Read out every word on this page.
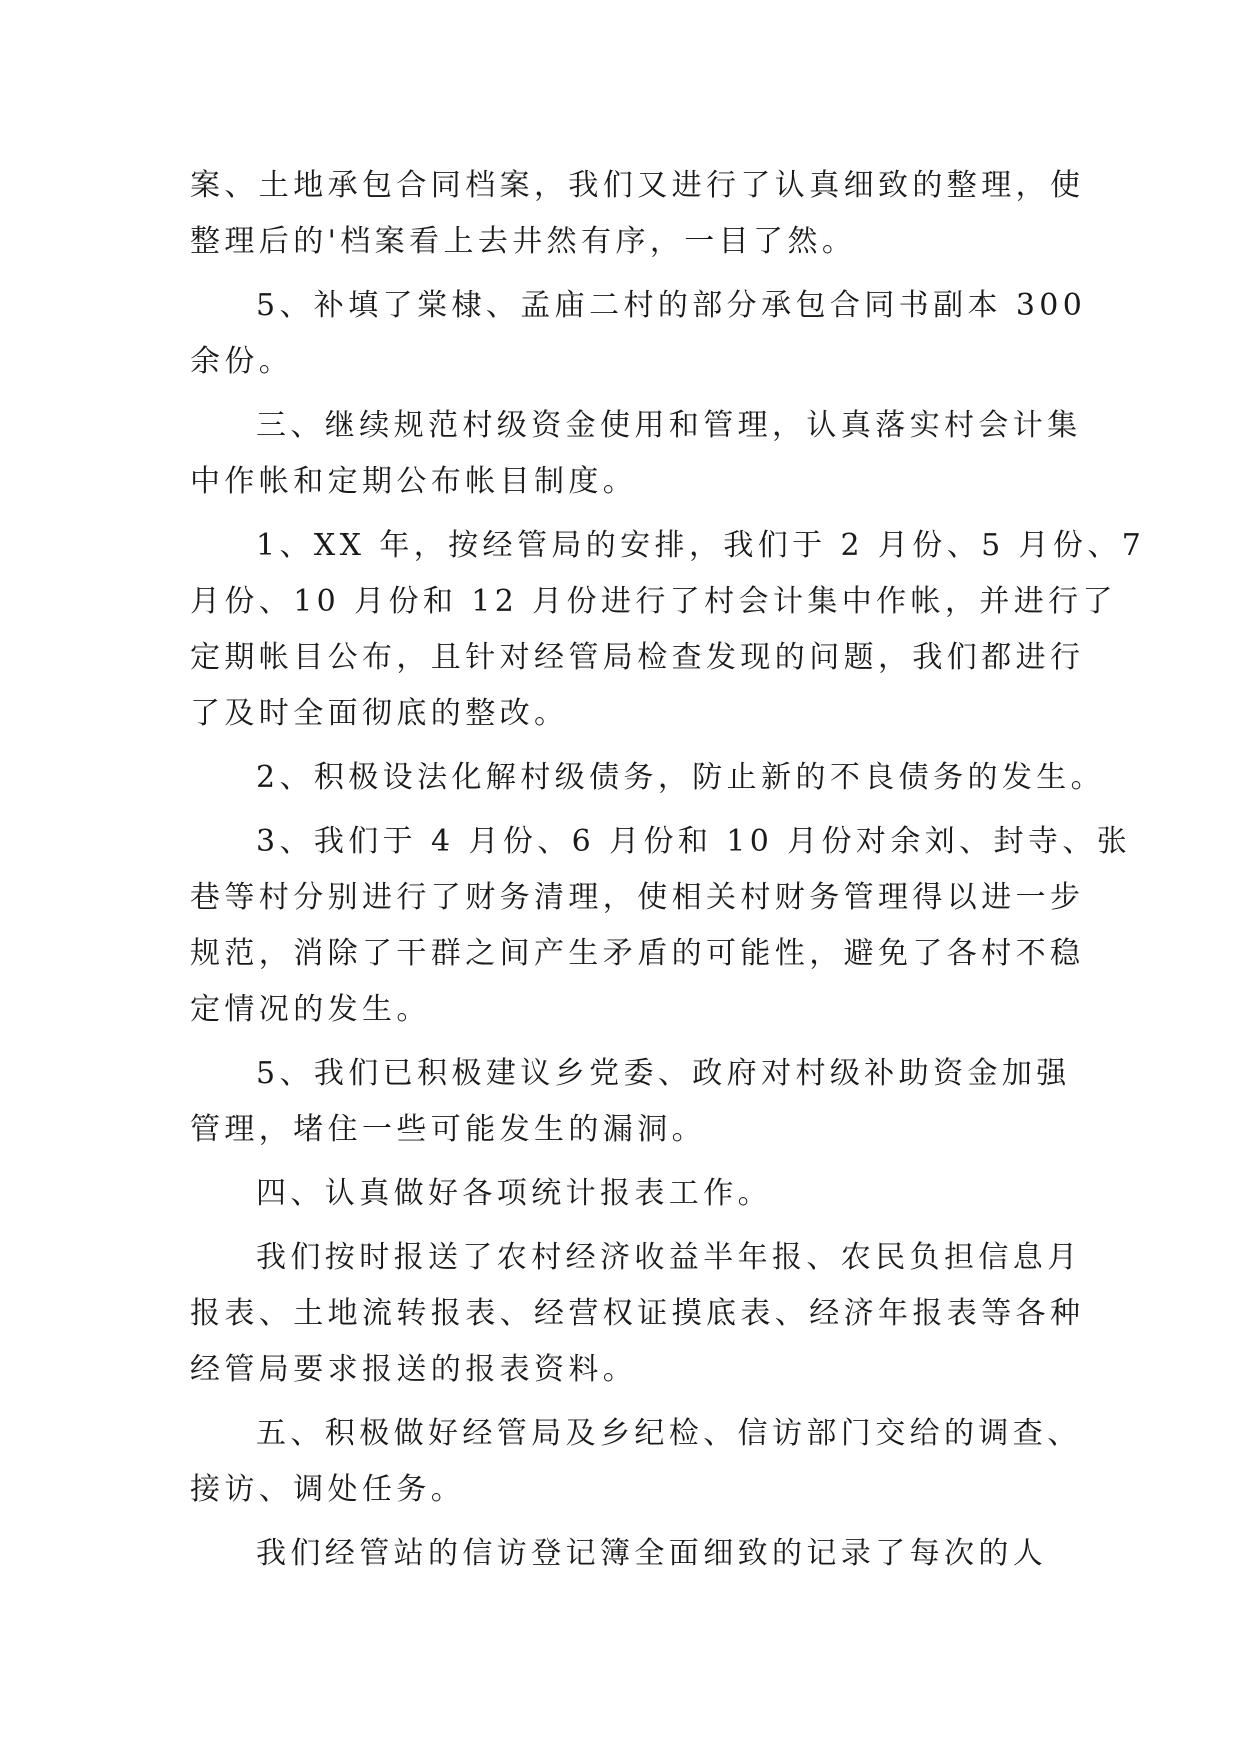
案、土地承包合同档案，我们又进行了认真细致的整理，使

整理后的'档案看上去井然有序，一目了然。

5、补填了棠棣、孟庙二村的部分承包合同书副本 300

余份。

三、继续规范村级资金使用和管理，认真落实村会计集

中作帐和定期公布帐目制度。

1、XX 年，按经管局的安排，我们于 2 月份、5 月份、7

月份、10 月份和 12 月份进行了村会计集中作帐，并进行了

定期帐目公布，且针对经管局检查发现的问题，我们都进行

了及时全面彻底的整改。

2、积极设法化解村级债务，防止新的不良债务的发生。

3、我们于 4 月份、6 月份和 10 月份对余刘、封寺、张

巷等村分别进行了财务清理，使相关村财务管理得以进一步

规范，消除了干群之间产生矛盾的可能性，避免了各村不稳

定情况的发生。

5、我们已积极建议乡党委、政府对村级补助资金加强

管理，堵住一些可能发生的漏洞。

四、认真做好各项统计报表工作。

我们按时报送了农村经济收益半年报、农民负担信息月

报表、土地流转报表、经营权证摸底表、经济年报表等各种

经管局要求报送的报表资料。

五、积极做好经管局及乡纪检、信访部门交给的调查、

接访、调处任务。

我们经管站的信访登记簿全面细致的记录了每次的人
